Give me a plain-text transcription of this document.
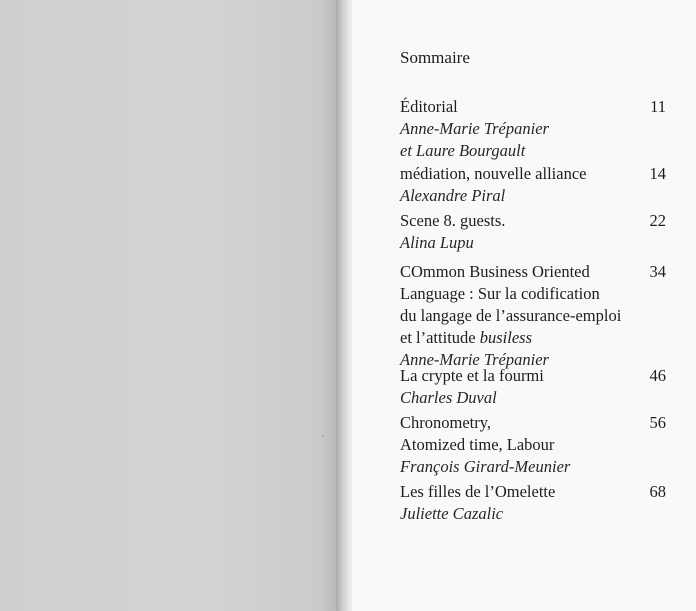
Sommaire
Éditorial
Anne-Marie Trépanier
et Laure Bourgault
11
médiation, nouvelle alliance
Alexandre Piral
14
Scene 8. guests.
Alina Lupu
22
COmmon Business Oriented
Language : Sur la codification
du langage de l’assurance-emploi
et l’attitude busiless
Anne-Marie Trépanier
34
La crypte et la fourmi
Charles Duval
46
Chronometry,
Atomized time, Labour
François Girard-Meunier
56
Les filles de l’Omelette
Juliette Cazalic
68
